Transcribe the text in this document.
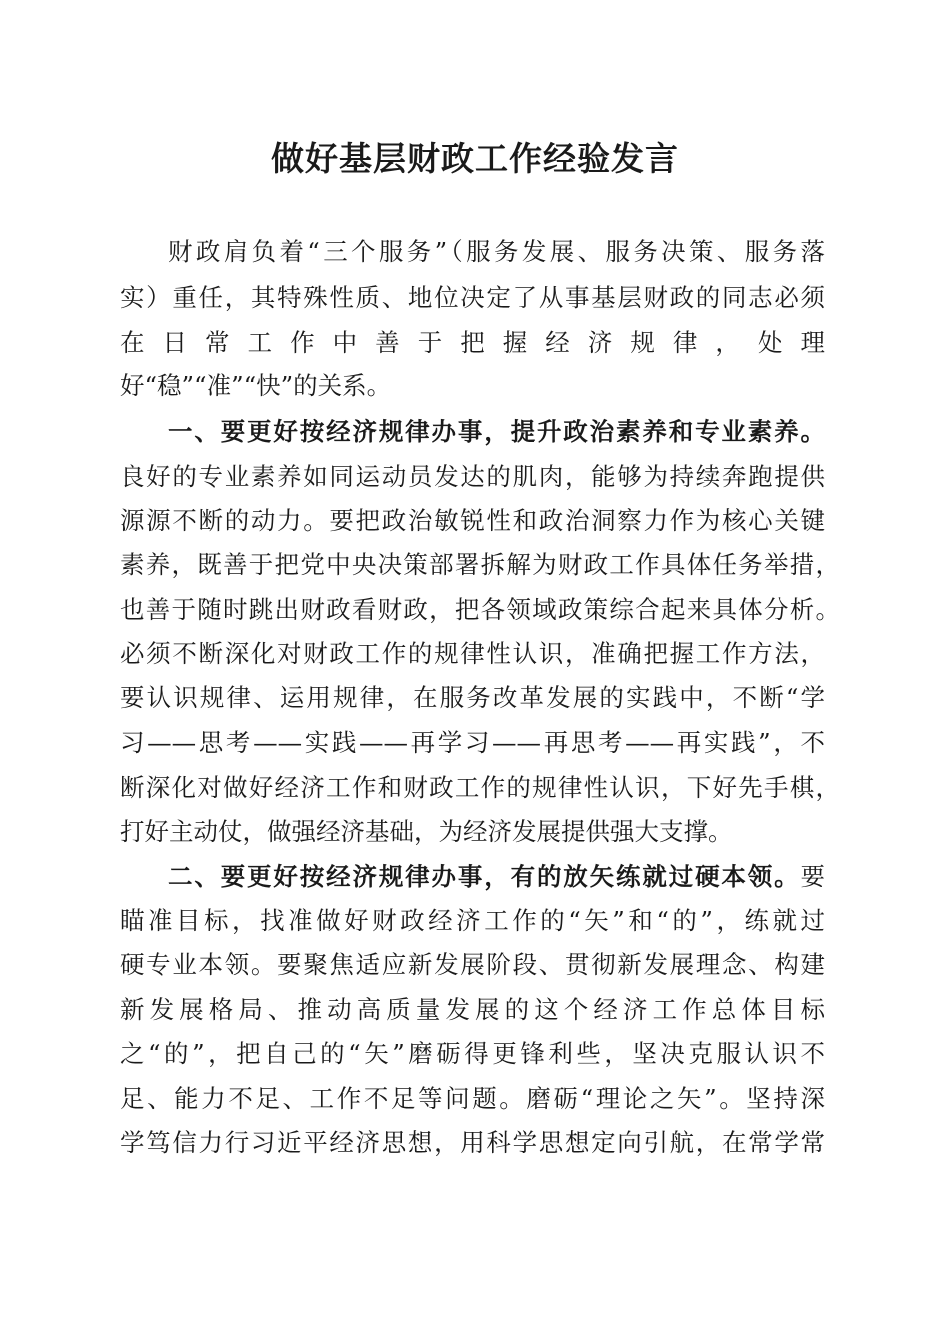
做好基层财政工作经验发言

财政肩负着“三个服务”（服务发展、服务决策、服务落

实）重任，其特殊性质、地位决定了从事基层财政的同志必须

在日常工作中善于把握经济规律，处理

好“稳”“准”“快”的关系。

一、要更好按经济规律办事，提升政治素养和专业素养。

良好的专业素养如同运动员发达的肌肉，能够为持续奔跑提供

源源不断的动力。要把政治敏锐性和政治洞察力作为核心关键

素养，既善于把党中央决策部署拆解为财政工作具体任务举措，

也善于随时跳出财政看财政，把各领域政策综合起来具体分析。

必须不断深化对财政工作的规律性认识，准确把握工作方法，

要认识规律、运用规律，在服务改革发展的实践中，不断“学

习——思考——实践——再学习——再思考——再实践”，不

断深化对做好经济工作和财政工作的规律性认识，下好先手棋，

打好主动仗，做强经济基础，为经济发展提供强大支撑。

二、要更好按经济规律办事，有的放矢练就过硬本领。要

瞄准目标，找准做好财政经济工作的“矢”和“的”，练就过

硬专业本领。要聚焦适应新发展阶段、贯彻新发展理念、构建

新发展格局、推动高质量发展的这个经济工作总体目标

之“的”，把自己的“矢”磨砺得更锋利些，坚决克服认识不

足、能力不足、工作不足等问题。磨砺“理论之矢”。坚持深

学笃信力行习近平经济思想，用科学思想定向引航，在常学常
